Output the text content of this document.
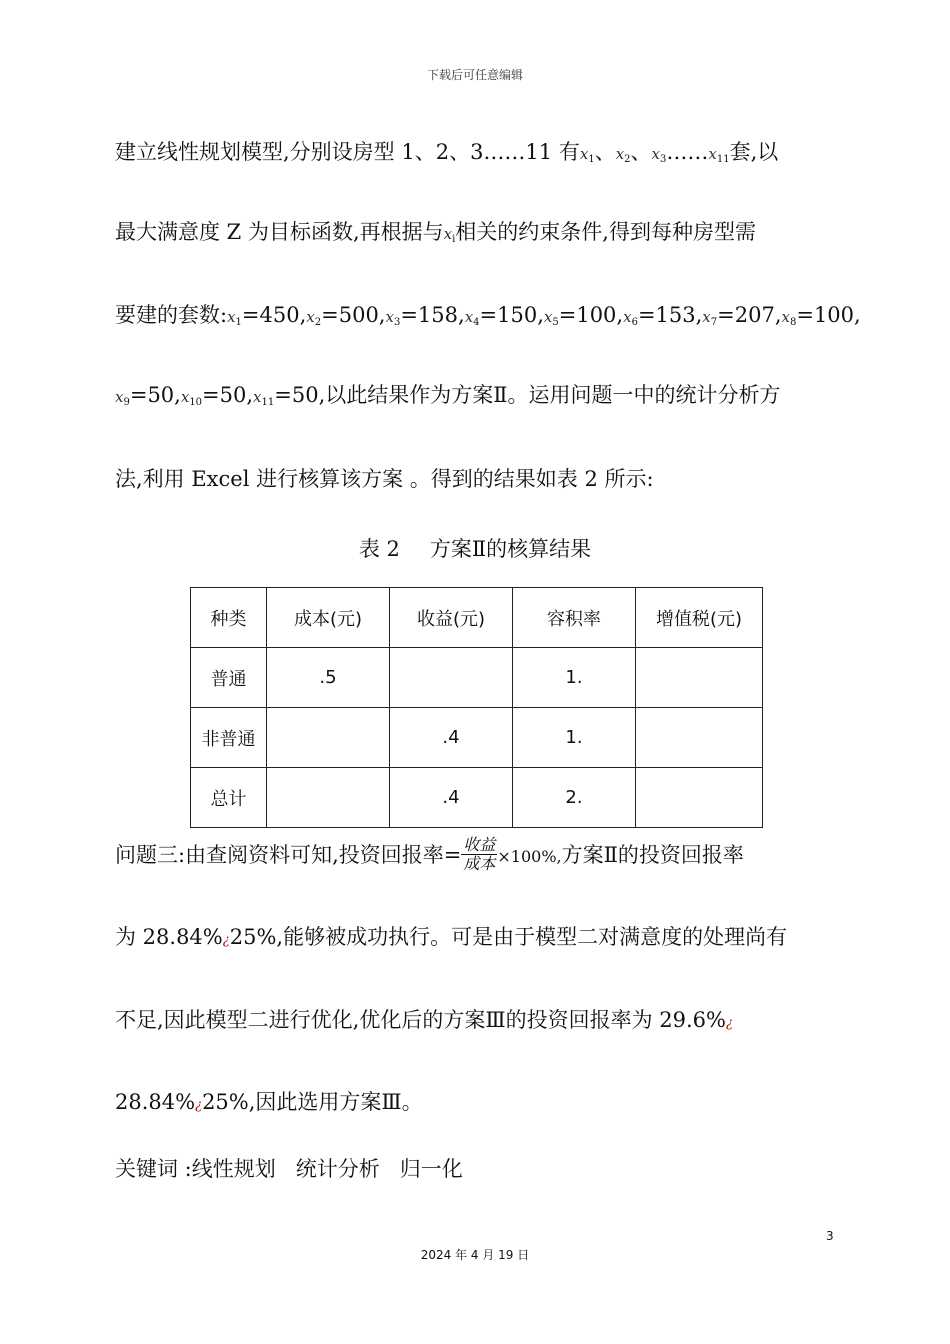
下载后可任意编辑
建立线性规划模型,分别设房型 1、2、3……11 有x1、x2、x3……x11套,以
最大满意度 Z 为目标函数,再根据与xi相关的约束条件,得到每种房型需
要建的套数:x1=450,x2=500,x3=158,x4=150,x5=100,x6=153,x7=207,x8=100,
x9=50,x10=50,x11=50,以此结果作为方案Ⅱ。运用问题一中的统计分析方
法,利用 Excel 进行核算该方案 。得到的结果如表 2 所示:
表 2 方案Ⅱ的核算结果
种类	成本(元)	收益(元)	容积率	增值税(元)
普通	.5		1.	
非普通		.4	1.	
总计		.4	2.	
问题三:由查阅资料可知,投资回报率= $\frac{\text{收益}}{\text{成本}} \times 100\%$,方案Ⅱ的投资回报率
为 28.84%¿25%,能够被成功执行。可是由于模型二对满意度的处理尚有
不足,因此模型二进行优化,优化后的方案Ⅲ的投资回报率为 29.6%¿
28.84%¿25%,因此选用方案Ⅲ。
关键词 :线性规划   统计分析   归一化
3
2024 年 4 月 19 日
